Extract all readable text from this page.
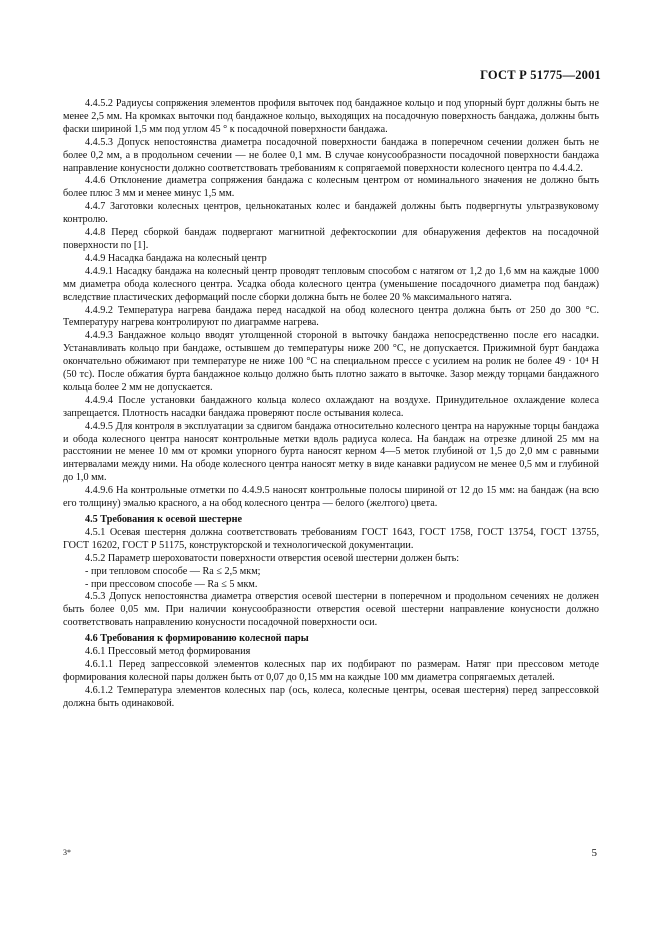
ГОСТ Р 51775—2001

4.4.5.2 Радиусы сопряжения элементов профиля выточек под бандажное кольцо и под упорный бурт должны быть не менее 2,5 мм. На кромках выточки под бандажное кольцо, выходящих на посадочную поверхность бандажа, должны быть фаски шириной 1,5 мм под углом 45 ° к посадочной поверхности бандажа.

4.4.5.3 Допуск непостоянства диаметра посадочной поверхности бандажа в поперечном сечении должен быть не более 0,2 мм, а в продольном сечении — не более 0,1 мм. В случае конусообразности посадочной поверхности бандажа направление конусности должно соответствовать требованиям к сопрягаемой поверхности колесного центра по 4.4.4.2.

4.4.6 Отклонение диаметра сопряжения бандажа с колесным центром от номинального значения не должно быть более плюс 3 мм и менее минус 1,5 мм.

4.4.7 Заготовки колесных центров, цельнокатаных колес и бандажей должны быть подвергнуты ультразвуковому контролю.

4.4.8 Перед сборкой бандаж подвергают магнитной дефектоскопии для обнаружения дефектов на посадочной поверхности по [1].

4.4.9 Насадка бандажа на колесный центр

4.4.9.1 Насадку бандажа на колесный центр проводят тепловым способом с натягом от 1,2 до 1,6 мм на каждые 1000 мм диаметра обода колесного центра. Усадка обода колесного центра (уменьшение посадочного диаметра под бандаж) вследствие пластических деформаций после сборки должна быть не более 20 % максимального натяга.

4.4.9.2 Температура нагрева бандажа перед насадкой на обод колесного центра должна быть от 250 до 300 °С. Температуру нагрева контролируют по диаграмме нагрева.

4.4.9.3 Бандажное кольцо вводят утолщенной стороной в выточку бандажа непосредственно после его насадки. Устанавливать кольцо при бандаже, остывшем до температуры ниже 200 °С, не допускается. Прижимной бурт бандажа окончательно обжимают при температуре не ниже 100 °С на специальном прессе с усилием на ролик не более 49 · 10⁴ Н (50 тс). После обжатия бурта бандажное кольцо должно быть плотно зажато в выточке. Зазор между торцами бандажного кольца более 2 мм не допускается.

4.4.9.4 После установки бандажного кольца колесо охлаждают на воздухе. Принудительное охлаждение колеса запрещается. Плотность насадки бандажа проверяют после остывания колеса.

4.4.9.5 Для контроля в эксплуатации за сдвигом бандажа относительно колесного центра на наружные торцы бандажа и обода колесного центра наносят контрольные метки вдоль радиуса колеса. На бандаж на отрезке длиной 25 мм на расстоянии не менее 10 мм от кромки упорного бурта наносят керном 4—5 меток глубиной от 1,5 до 2,0 мм с равными интервалами между ними. На ободе колесного центра наносят метку в виде канавки радиусом не менее 0,5 мм и глубиной до 1,0 мм.

4.4.9.6 На контрольные отметки по 4.4.9.5 наносят контрольные полосы шириной от 12 до 15 мм: на бандаж (на всю его толщину) эмалью красного, а на обод колесного центра — белого (желтого) цвета.

4.5 Требования к осевой шестерне

4.5.1 Осевая шестерня должна соответствовать требованиям ГОСТ 1643, ГОСТ 1758, ГОСТ 13754, ГОСТ 13755, ГОСТ 16202, ГОСТ Р 51175, конструкторской и технологической документации.

4.5.2 Параметр шероховатости поверхности отверстия осевой шестерни должен быть:

- при тепловом способе — Ra ≤ 2,5 мкм;

- при прессовом способе — Ra ≤ 5 мкм.

4.5.3 Допуск непостоянства диаметра отверстия осевой шестерни в поперечном и продольном сечениях не должен быть более 0,05 мм. При наличии конусообразности отверстия осевой шестерни направление конусности должно соответствовать направлению конусности посадочной поверхности оси.

4.6 Требования к формированию колесной пары

4.6.1 Прессовый метод формирования

4.6.1.1 Перед запрессовкой элементов колесных пар их подбирают по размерам. Натяг при прессовом методе формирования колесной пары должен быть от 0,07 до 0,15 мм на каждые 100 мм диаметра сопрягаемых деталей.

4.6.1.2 Температура элементов колесных пар (ось, колеса, колесные центры, осевая шестерня) перед запрессовкой должна быть одинаковой.

3*	5
